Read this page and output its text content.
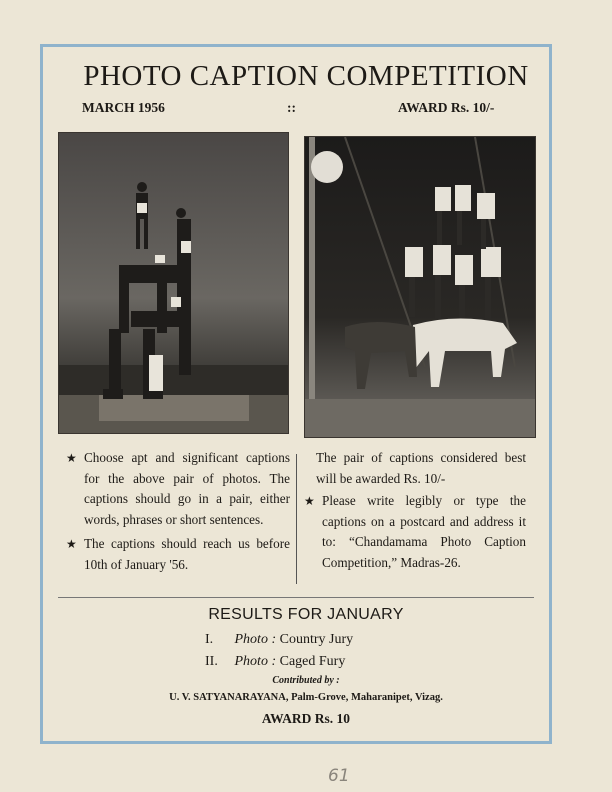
PHOTO CAPTION COMPETITION
MARCH 1956	::	AWARD Rs. 10/-

★ Choose apt and significant captions for the above pair of photos. The captions should go in a pair, either words, phrases or short sentences.

★ The captions should reach us before 10th of January '56.

The pair of captions considered best will be awarded Rs. 10/-

★ Please write legibly or type the captions on a postcard and address it to: “Chandamama Photo Caption Competition,” Madras-26.

RESULTS FOR JANUARY
I. Photo : Country Jury
II. Photo : Caged Fury
Contributed by :
U. V. SATYANARAYANA, Palm-Grove, Maharanipet, Vizag.
AWARD Rs. 10
61
